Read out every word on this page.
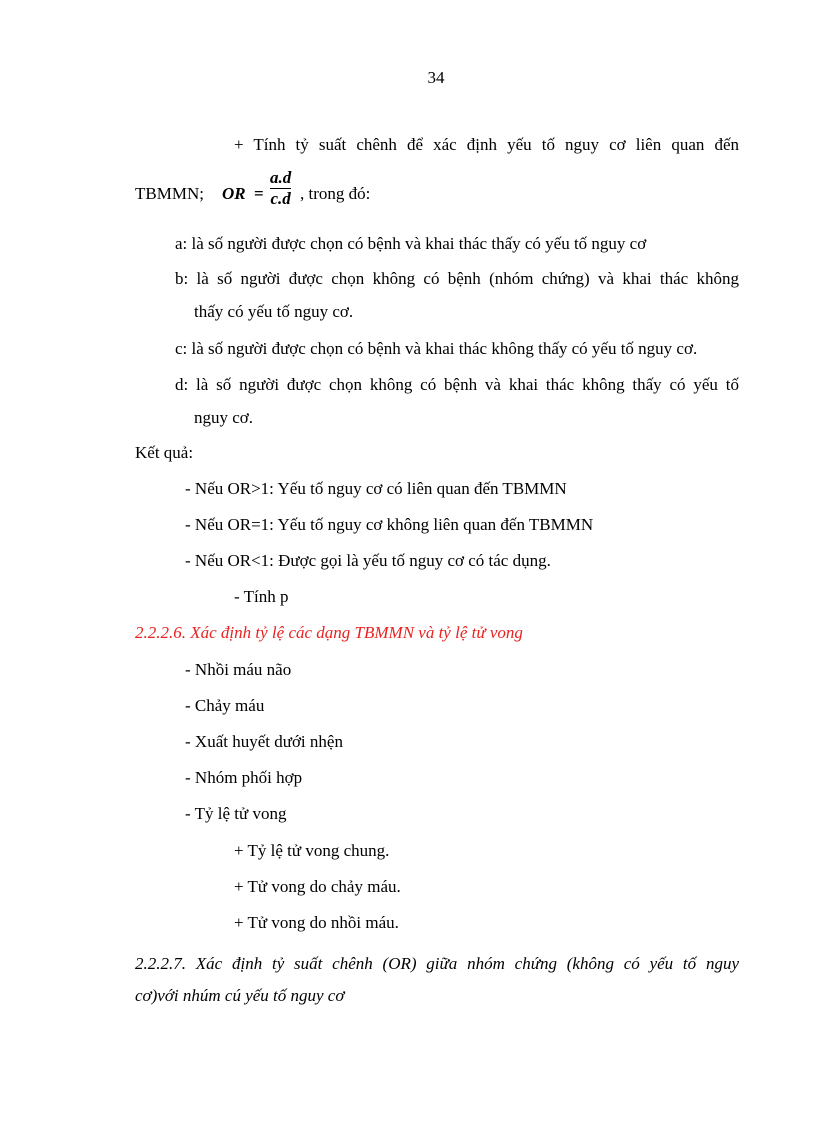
34
+ Tính tỷ suất chênh để xác định yếu tố nguy cơ liên quan đến
TBMMN; OR =
a.d
c.d , trong đó:
a: là số người được chọn có bệnh và khai thác thấy có yếu tố nguy cơ
b: là số người được chọn không có bệnh (nhóm chứng) và khai thác không
thấy có yếu tố nguy cơ.
c: là số người được chọn có bệnh và khai thác không thấy có yếu tố nguy cơ.
d: là số người được chọn không có bệnh và khai thác không thấy có yếu tố
nguy cơ.
Kết quả:
- Nếu OR>1: Yếu tố nguy cơ có liên quan đến TBMMN
- Nếu OR=1: Yếu tố nguy cơ không liên quan đến TBMMN
- Nếu OR<1: Được gọi là yếu tố nguy cơ có tác dụng.
- Tính p
2.2.2.6. Xác định tỷ lệ các dạng TBMMN và tỷ lệ tử vong
- Nhồi máu não
- Chảy máu
- Xuất huyết dưới nhện
- Nhóm phối hợp
- Tỷ lệ tử vong
+ Tỷ lệ tử vong chung.
+ Tử vong do chảy máu.
+ Tử vong do nhồi máu.
2.2.2.7. Xác định tỷ suất chênh (OR) giữa nhóm chứng (không có yếu tố nguy
cơ)với nhúm cú yếu tố nguy cơ
